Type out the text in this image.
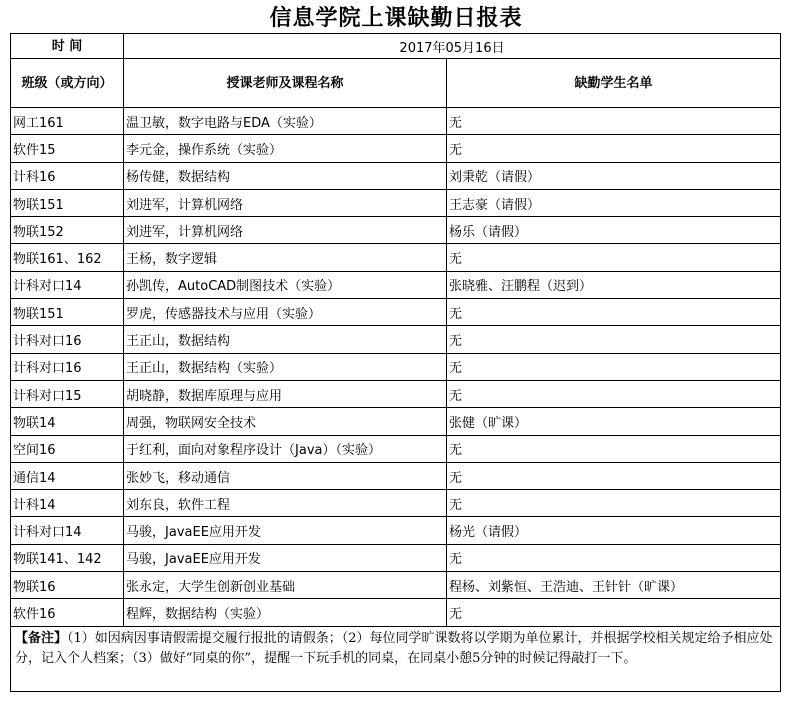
信息学院上课缺勤日报表
时 间	2017年05月16日	
班级（或方向）	授课老师及课程名称	缺勤学生名单
网工161	温卫敏，数字电路与EDA（实验）	无
软件15	李元金，操作系统（实验）	无
计科16	杨传健，数据结构	刘秉乾（请假）
物联151	刘进军，计算机网络	王志豪（请假）
物联152	刘进军，计算机网络	杨乐（请假）
物联161、162	王杨，数字逻辑	无
计科对口14	孙凯传，AutoCAD制图技术（实验）	张晓雅、汪鹏程（迟到）
物联151	罗虎，传感器技术与应用（实验）	无
计科对口16	王正山，数据结构	无
计科对口16	王正山，数据结构（实验）	无
计科对口15	胡晓静，数据库原理与应用	无
物联14	周强，物联网安全技术	张健（旷课）
空间16	于红利，面向对象程序设计（Java）（实验）	无
通信14	张妙飞，移动通信	无
计科14	刘东良，软件工程	无
计科对口14	马骏，JavaEE应用开发	杨光（请假）
物联141、142	马骏，JavaEE应用开发	无
物联16	张永定，大学生创新创业基础	程杨、刘紫恒、王浩迪、王针针（旷课）
软件16	程辉，数据结构（实验）	无
【备注】（1）如因病因事请假需提交履行报批的请假条；（2）每位同学旷课数将以学期为单位累计，并根据学校相关规定给予相应处分，记入个人档案；（3）做好“同桌的你”，提醒一下玩手机的同桌，在同桌小憩5分钟的时候记得敲打一下。		
